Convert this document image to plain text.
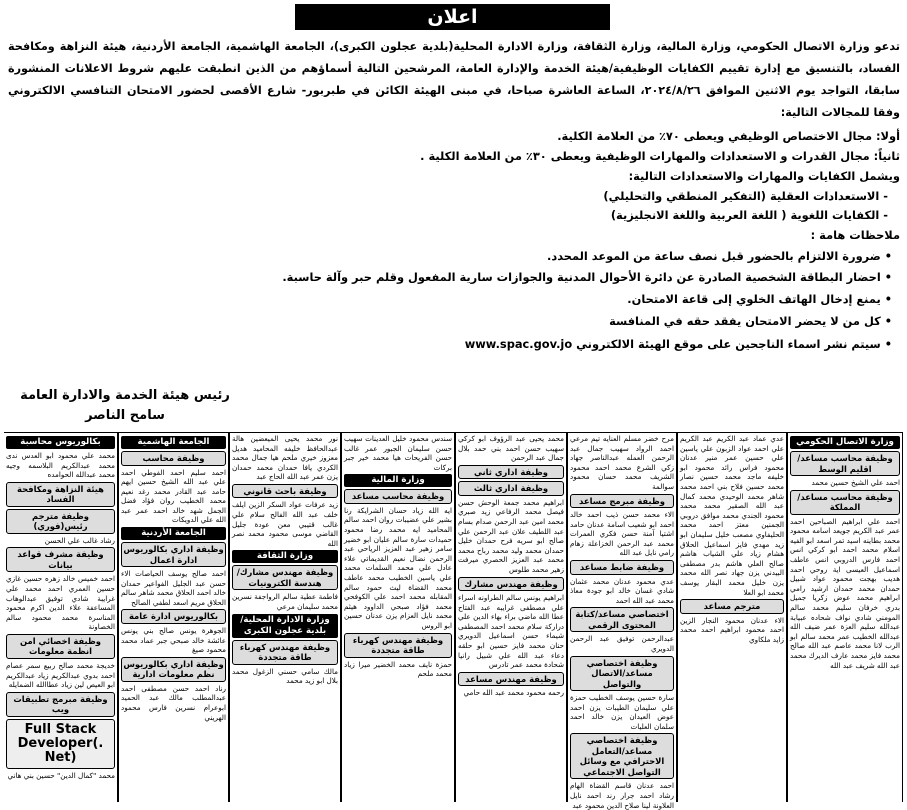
اعلان

تدعو وزارة الاتصال الحكومي، وزارة المالية، وزارة الثقافة، وزارة الادارة المحلية(بلدية عجلون الكبرى)، الجامعة الهاشمية، الجامعة الأردنية، هيئة النزاهة ومكافحة الفساد، بالتنسيق مع إدارة تقييم الكفايات الوظيفية/هيئة الخدمة والإدارة العامة، المرشحين التالية أسماؤهم من الذين انطبقت عليهم شروط الاعلانات المنشورة سابقا، التواجد يوم الاثنين الموافق ٢٠٢٤/٨/٢٦، الساعة العاشرة صباحا، في مبنى الهيئة الكائن في طبربور- شارع الأقصى لحضور الامتحان التنافسي الالكتروني وفقا للمجالات التالية:

أولا: مجال الاختصاص الوظيفي ويعطى ٧٠٪ من العلامة الكلية.
ثانياً: مجال القدرات و الاستعدادات والمهارات الوظيفية ويعطى ٣٠٪ من العلامة الكلية .
ويشمل الكفايات والمهارات والاستعدادات التالية:
- الاستعدادات العقلية (التفكير المنطقي والتحليلي)
- الكفايات اللغوية ( اللغة العربية واللغة الانجليزية)
ملاحظات هامة :
• ضرورة الالتزام بالحضور قبل نصف ساعة من الموعد المحدد.
• احضار البطاقة الشخصية الصادرة عن دائرة الأحوال المدنية والجوازات سارية المفعول وقلم حبر وآلة حاسبة.
• يمنع إدخال الهاتف الخلوي إلى قاعة الامتحان.
• كل من لا يحضر الامتحان يفقد حقه في المنافسة
• سيتم نشر اسماء الناجحين على موقع الهيئة الالكتروني www.spac.gov.jo
رئيس هيئة الخدمة والادارة العامة
سامح الناصر
وزارة الاتصال الحكومي
وظيفة محاسب مساعد/اقليم الوسط
احمد علي الشيخ حسين محمد
وظيفة محاسب مساعد/المملكة
احمد علي ابراهيم الصباحين احمد عمر عبد الكريم جويعد اسامه محمود محمد بطاينه اسيد تمر اسعد ابو الفيه اسلام محمد احمد ابو كركي انس احمد فارس الدروبي انس عاطف اسماعيل العيسى اية روحي احمد هديب بهجت محمود عواد شبيل حمدان محمد حمدان ارشيد رامي ابراهيم محمد عوض زكريا جميل بدري خرفان سليم محمد سالم المومني شادي نواف شحاده عبيابة عبدالله سليم العزة عمر ضيف الله عبدالله الخطيب عمر محمد سالم ابو الرب لانا محمد عاصم عبد الله صالح محمد فايز محمد عارف الديرك محمد عبد الله شريف عبد الله
عدي عماد عبد الكريم عبد الكريم علي احمد عواد الزبون علي ياسين علي حسين عمر منير عدنان محمود فراس رائد محمود ابو خليفه ماجد محمد حسين نصار محمد حسين فلاح بني احمد محمد شاهر محمد الوحيدي محمد كمال عبد الله الصقير محمد محمد محمود الجندي محمد موافق دروبي الجمنين معتز احمد محمد الحليفاوي مصعب خليل سليمان ابو زيد مهدي فايز اسماعيل الحلاق هشام زياد علي الشياب هاشم صالح العلي هاشم بدر مصطفى البيدني يزن جهاد نصر الله محمد يزن خليل محمد البقار يوسف محمد ابو العلا
مترجم مساعد
الاء عدنان محمود النجار الزين احمد محمود ابراهيم احمد محمد زايد ملكاوي
مرح خضر مسلم العنايه تيم مرعي احمد الرواد سهيب جمال عبد الرحمن العمله عبدالناصر جهاد زكي الشرع محمد احمد محمود الشريف محمد حسان محمود سوالمة
وظيفة مبرمج مساعد
الاء محمد حسن ذيب احمد خالد احمد ابو شعيب اسامة عدنان حامد اشتيا آمنة حسن فكري العمرات محمد عبد الرحمن الخزاعلة زهام رامي نايل عبد الله
وظيفة ضابط مساعد
عدي محمود عدنان محمد عثمان شادي غسان خالد ابو جودة معاذ محمد عبد الله احمد
اختصاصي مساعد/كتابة المحتوى الرقمي
عبدالرحمن توفيق عبد الرحمن الدويري
وظيفة اختصاصي مساعد/الاتصال والتواصل
سارة حسين يوسف الخطيب حمزة علي سليمان الطيبات يزن احمد عوض العيدان يزن خالد احمد سلمان العليات
وظيفة اختصاصي مساعد/التعامل الاحترافي مع وسائل التواصل الاجتماعي
احمد عدنان قاسم القضاة الهام رشاد احمد جرار رند احمد نايل العلاونة لينا صلاح الدين محمود عبد
محمد يحيى عبد الرؤوف ابو كركي سهيب حسن احمد بني حمد بلال جمال عبد الرحمن
وظيفة اداري ثاني
وظيفة اداري ثالث
ابراهيم محمد جمعة الوحش حسن فيصل محمد الرفاعي زيد صبري محمد امين عبد الرحمن صدام بسام عبد اللطيف علان عبد الرحمن علي صالح ابو سريه فرح حمدان خليل حمدان محمد وليد محمد رباح محمد محمد عبد العزيز الحصري ميرفت زهير محمد طلوس
وظيفة مهندس مشارك
ابراهيم يونس سالم الطراونه اسراء علي مصطفى غرايبه عبد الفتاح عطا الله ماضي براء بهاء الدين علي دراركة سلام محمد احمد المصطفى شيماء حسن اسماعيل الدويري حنان محمد فايز حسين ابو حلقه دعاء عبد الله علي شبيل رانيا شحادة محمد عمر تادرس
وظيفة مهندس مساعد
رحمه محمود محمد عبد الله حامي
سندس محمود خليل العدينات سهيب حسن سليمان الجبور عمر غالب حسن الفريحات هيا محمد خير جبر بركات
وزارة المالية
وظيفة محاسب مساعد
ايه الله زياد حسان الشرايكة رنا بشير علي عضيبات روان احمد سالم المحاميد ايه محمد رضا محمود حميدات سارة سالم عليان ابو خضير سامر زهير عبد العزيز الرياحي عبد الرحمن نضال نعيم القديماتي علاء عادل علي محمد السلمات محمد علي ياسين الخطيب محمد عاطف محمد القضاة ليث حمود سالم المقابله محمد احمد علي الكوفحي محمد فؤاد صبحي الداوود هيثم محمد نايل العزام يزن عدنان حسين ابو الروس
وظيفة مهندس كهرباء طاقة متجددة
حمزة نايف محمد الخضير ميرا زياد محمد ملحم
نور محمد يحيى الميعضين هالة عبدالحافظ خليفه المحاميد هديل معزوز خيري ملحم هيا جمال محمد الكردي يافا حمدان محمد حمدان يزن عمر عبد الله الحاج عبد
وظيفة باحث قانوني
زيد عرفات عواد السكر الزين ايلف خلف عبد الله الفالح سلام علي غالب قتيبي معن عودة جليل القاضي موسى محمود محمد نصر الله
وزارة الثقافة
وظيفة مهندس مشارك/ هندسة الكترونيات
فاطمة عطية سالم الرواجفة نسرين محمد سليمان مرعي
وزارة الادارة المحلية/بلدية عجلون الكبرى
وظيفة مهندس كهرباء طاقة متجددة
مالك سامي حسني الزغول محمد بلال ابو زيد محمد
الجامعة الهاشمية
وظيفة محاسب
احمد سليم احمد الفوطي احمد علي عبد الله الشيخ حسين ايهم حامد عبد القادر محمد رغد نعيم محمد الخطيب روان فؤاد فضل الجمل شهد خالد احمد عمر عبد الله علي الدويكات
الجامعة الأردنية
وظيفة اداري بكالوريوس ادارة اعمال
احمد صالح يوسف الحياصات الاء حسن عبد الجليل الفواعير حمدان خالد احمد الحلاق محمد شاهر سالم الحلاق مريم اسعد لطفي الصالح
بكالوريوس ادارة عامة
الجوهرة يونس صالح بني يونس عائشة خالد صبحي جبر عماد محمد محمود صيغ
وظيفة اداري بكالوريوس نظم معلومات ادارية
رناد احمد حسن مصطفى احمد عبدالمطلب مالك عبد الحميد ابوعرام نسرين فارس محمود الهريني
بكالوريوس محاسبة
محمد علي محمود ابو العدس ندى محمد عبدالكريم البلاسمه وجيه محمد عبدالله الحوامده
هيئة النزاهة ومكافحة الفساد
وظيفة مترجم رئيس(فوري)
رشاد غالب علي الحسن
وظيفة مشرف قواعد بيانات
احمد خميس خالد زهره حسين غازي حسين العمري احمد محمد علي غرايبة شادي توفيق عبدالوهاب المساعفة علاء الدين اكرم محمود المناسرة محمد محمود سالم الخصاونة
وظيفة اخصائي امن انظمة معلومات
خديجة محمد صالح ربيع سمر عصام احمد بدوي عبدالكريم زياد عبدالكريم ابو العيص لين زياد عطاالله الضمايله
وظيفة مبرمج تطبيقات ويب
Full Stack Developer(. Net)
محمد "كمال الدين" حسين بني هاني
